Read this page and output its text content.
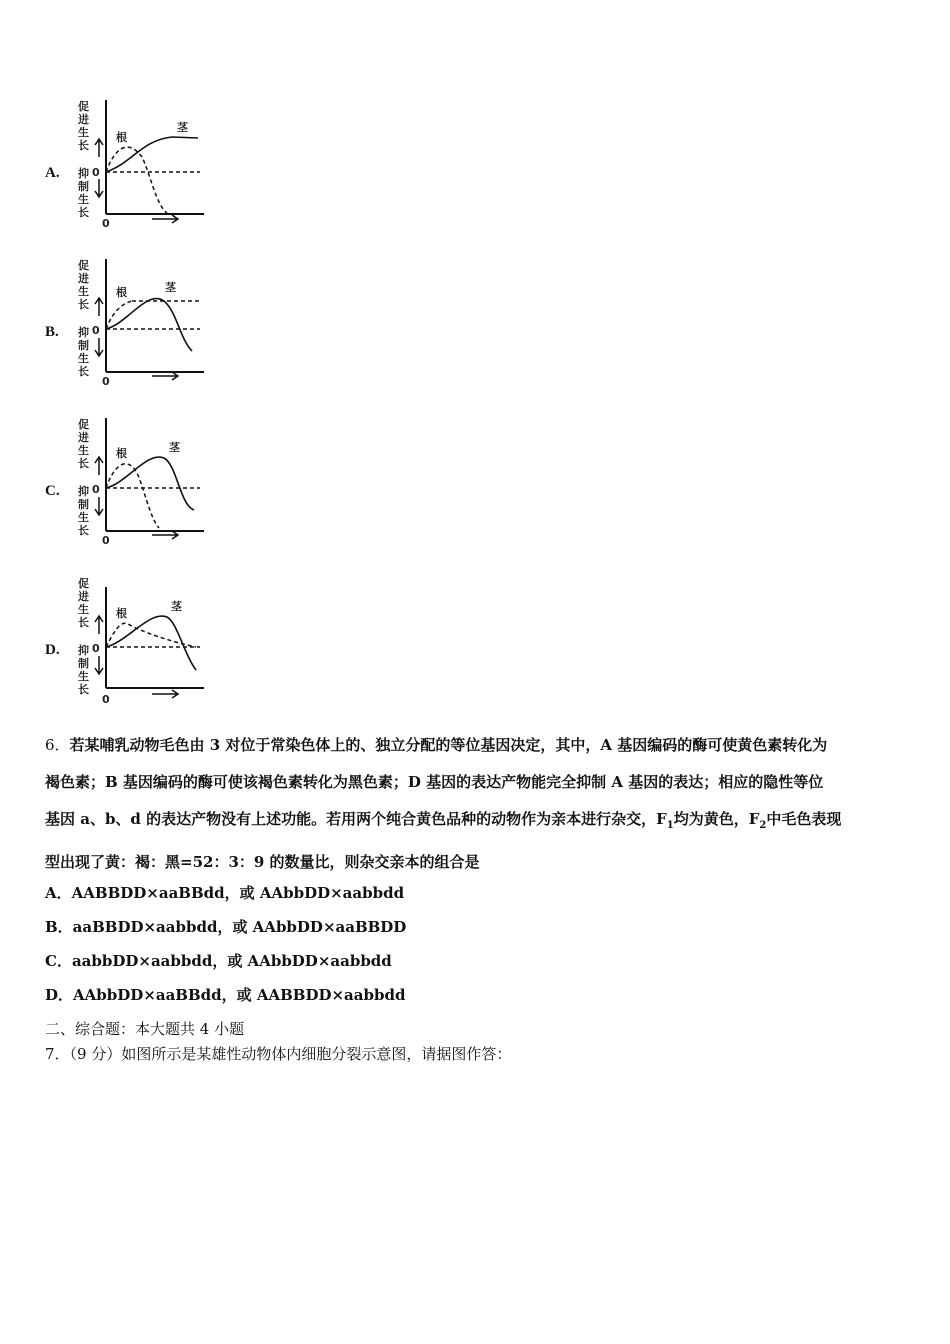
A.
促
进
生
长
抑
制
生
长
0
0
根
茎
B.
促
进
生
长
抑
制
生
长
0
0
根	茎
C.
促
进
生
长
抑
制
生
长
0
0
根	茎
D.
促
进
生
长
抑
制
生
长
0
0
根
茎
6．若某哺乳动物毛色由 3 对位于常染色体上的、独立分配的等位基因决定，其中，A 基因编码的酶可使黄色素转化为
褐色素；B 基因编码的酶可使该褐色素转化为黑色素；D 基因的表达产物能完全抑制 A 基因的表达；相应的隐性等位
基因 a、b、d 的表达产物没有上述功能。若用两个纯合黄色品种的动物作为亲本进行杂交，$F_1$均为黄色，$F_2$中毛色表现
型出现了黄：褐：黑=52：3：9 的数量比，则杂交亲本的组合是
A．AABBDD×aaBBdd，或 AAbbDD×aabbdd
B．aaBBDD×aabbdd，或 AAbbDD×aaBBDD
C．aabbDD×aabbdd，或 AAbbDD×aabbdd
D．AAbbDD×aaBBdd，或 AABBDD×aabbdd
二、综合题：本大题共 4 小题
7．（9 分）如图所示是某雄性动物体内细胞分裂示意图，请据图作答：
